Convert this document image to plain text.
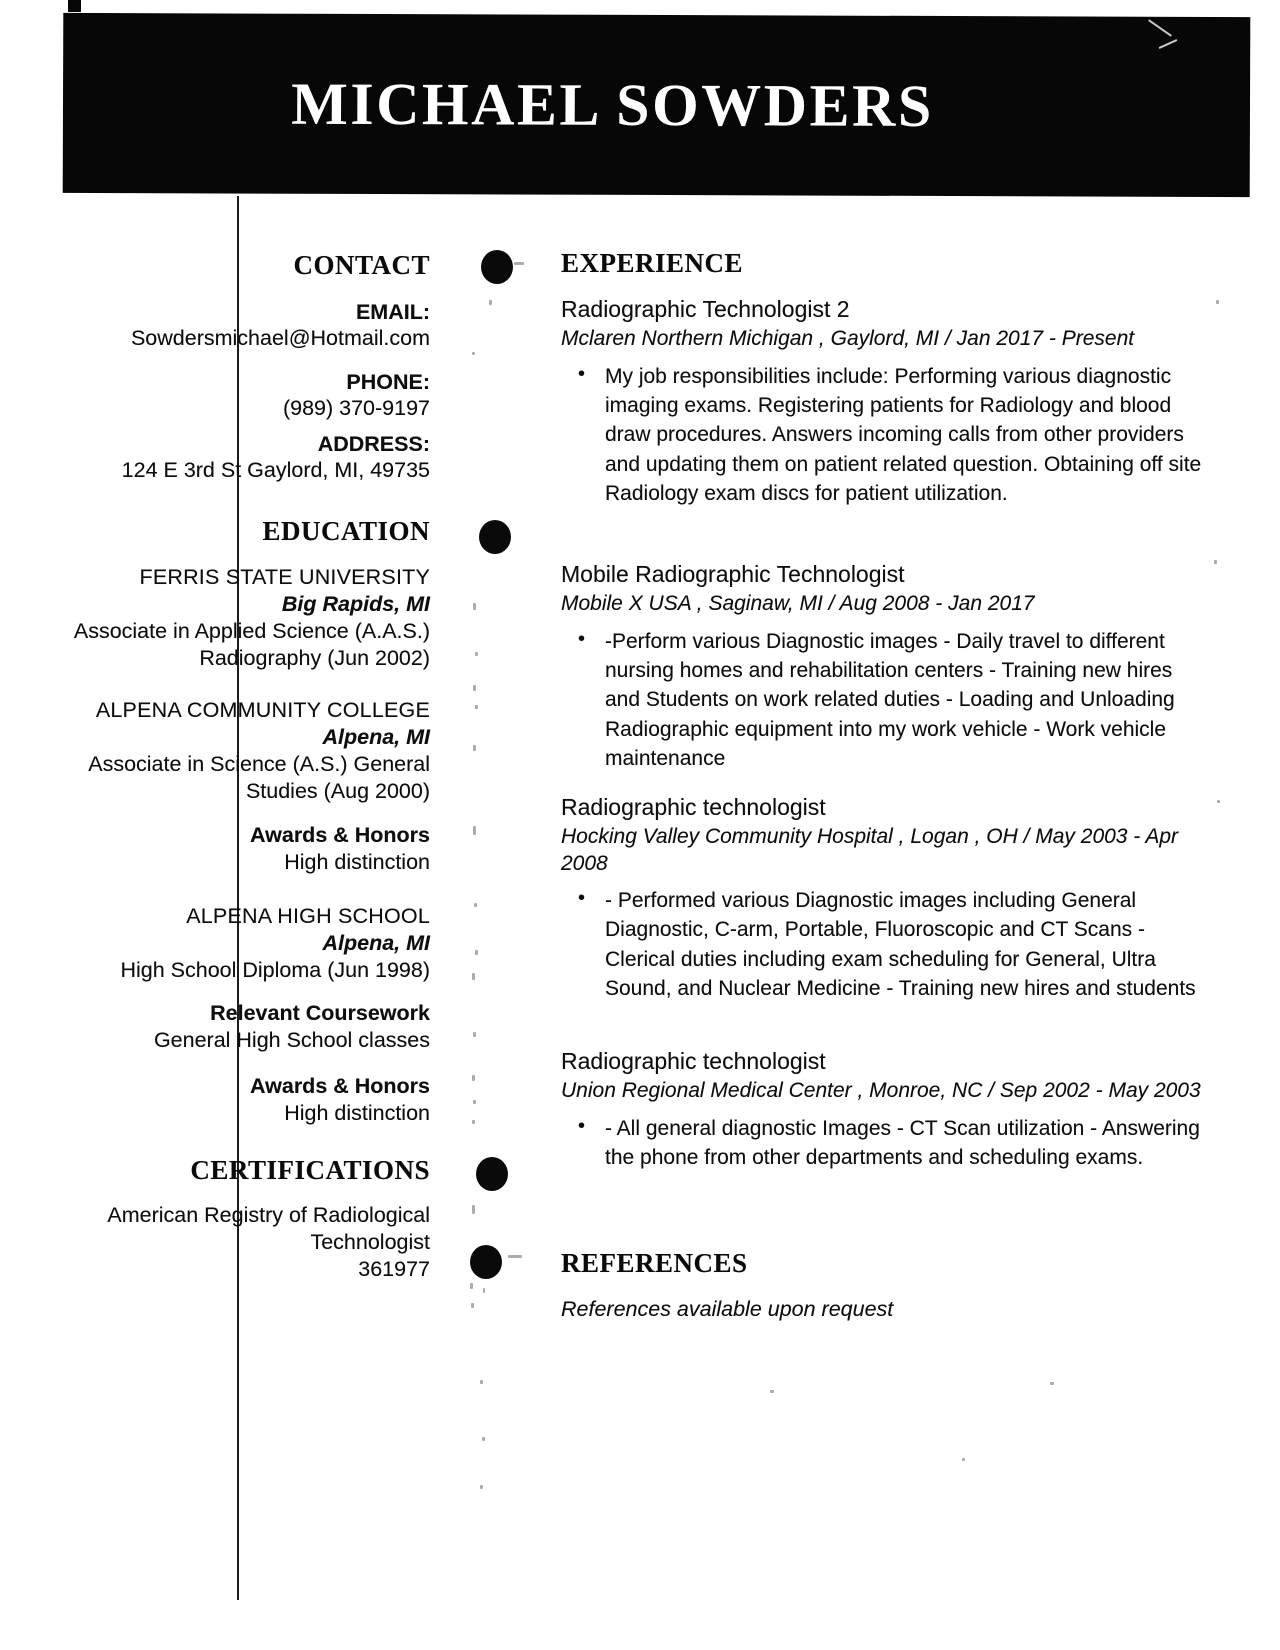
MICHAEL SOWDERS
CONTACT
EMAIL:
Sowdersmichael@Hotmail.com
PHONE:
(989) 370-9197
ADDRESS:
124 E 3rd St Gaylord, MI, 49735
EDUCATION
FERRIS STATE UNIVERSITY
Big Rapids, MI
Associate in Applied Science (A.A.S.) Radiography (Jun 2002)
ALPENA COMMUNITY COLLEGE
Alpena, MI
Associate in Science (A.S.) General Studies (Aug 2000)
Awards & Honors
High distinction
ALPENA HIGH SCHOOL
Alpena, MI
High School Diploma (Jun 1998)
Relevant Coursework
General High School classes
Awards & Honors
High distinction
CERTIFICATIONS
American Registry of Radiological Technologist
361977
EXPERIENCE
Radiographic Technologist 2
Mclaren Northern Michigan , Gaylord, MI / Jan 2017 - Present
• My job responsibilities include: Performing various diagnostic imaging exams. Registering patients for Radiology and blood draw procedures. Answers incoming calls from other providers and updating them on patient related question. Obtaining off site Radiology exam discs for patient utilization.
Mobile Radiographic Technologist
Mobile X USA , Saginaw, MI / Aug 2008 - Jan 2017
• -Perform various Diagnostic images - Daily travel to different nursing homes and rehabilitation centers - Training new hires and Students on work related duties - Loading and Unloading Radiographic equipment into my work vehicle - Work vehicle maintenance
Radiographic technologist
Hocking Valley Community Hospital , Logan , OH / May 2003 - Apr 2008
• - Performed various Diagnostic images including General Diagnostic, C-arm, Portable, Fluoroscopic and CT Scans - Clerical duties including exam scheduling for General, Ultra Sound, and Nuclear Medicine - Training new hires and students
Radiographic technologist
Union Regional Medical Center , Monroe, NC / Sep 2002 - May 2003
• - All general diagnostic Images - CT Scan utilization - Answering the phone from other departments and scheduling exams.
REFERENCES
References available upon request
